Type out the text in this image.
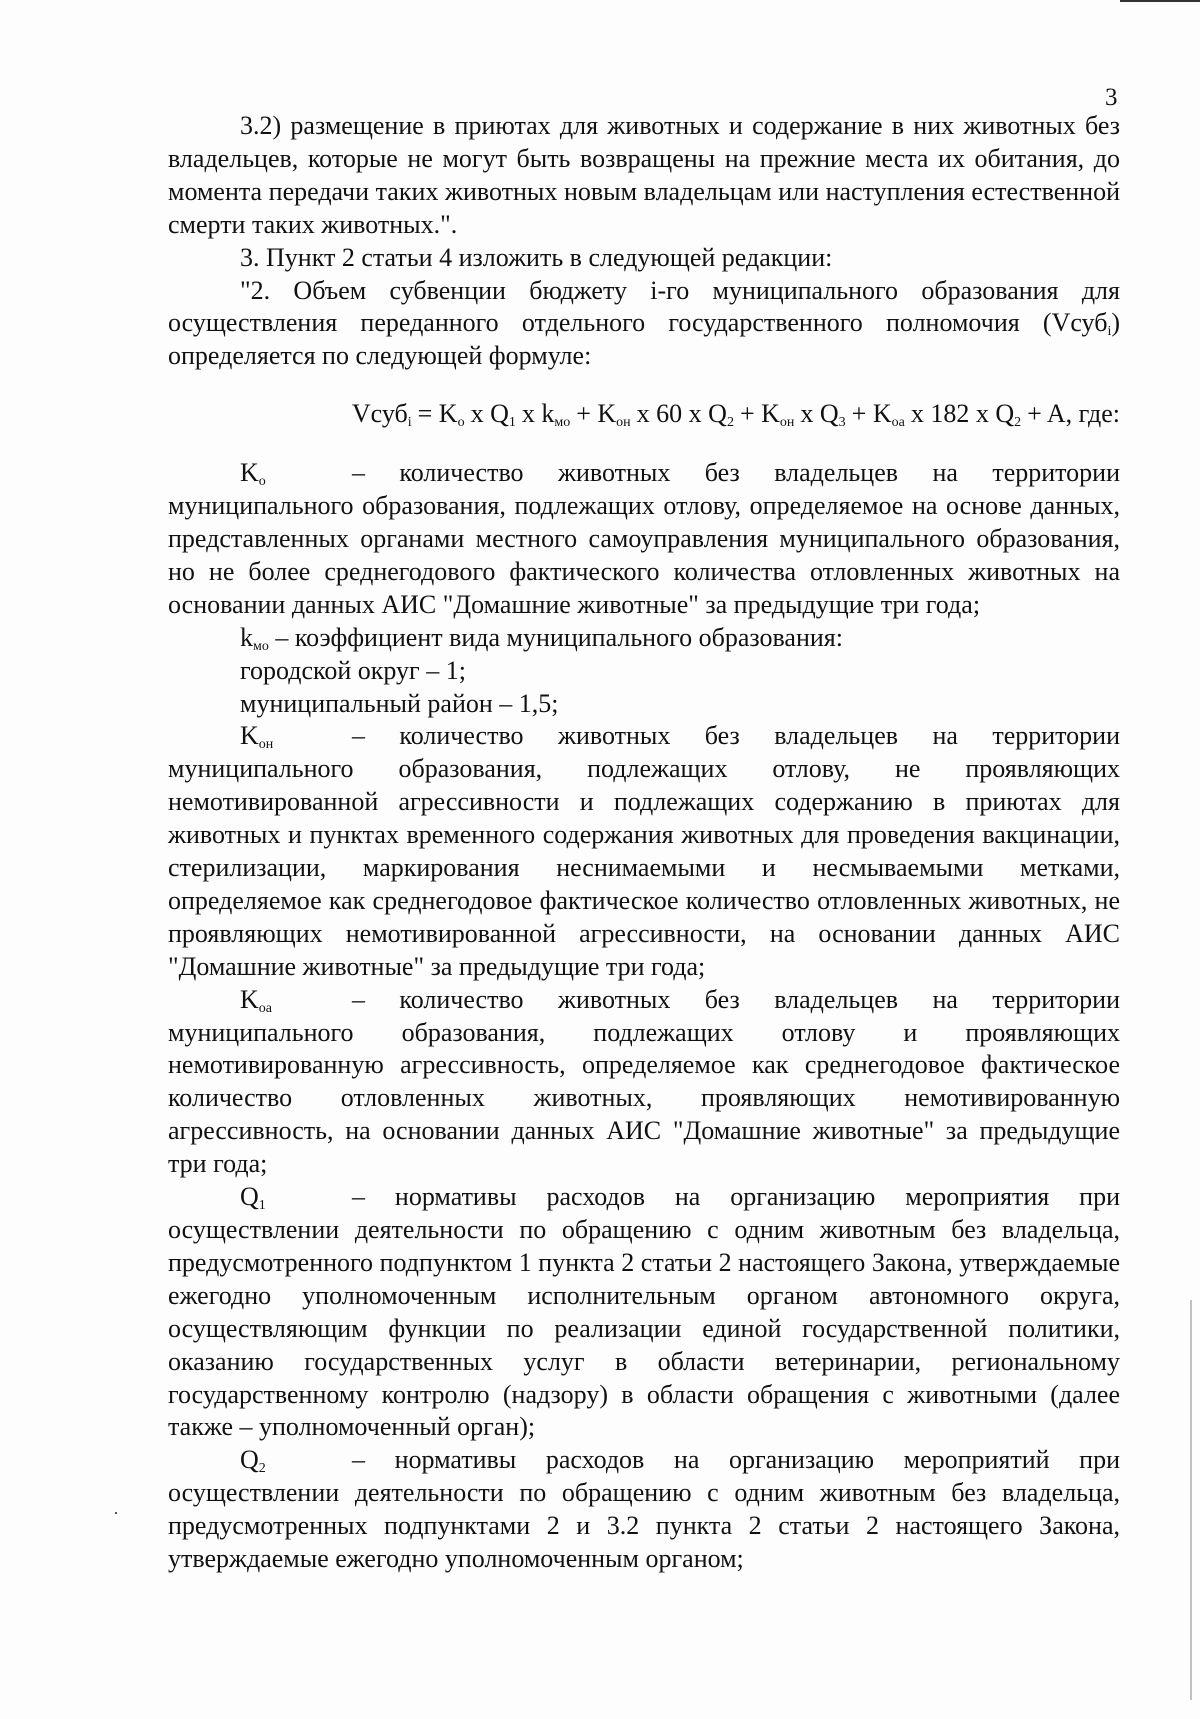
3

3.2) размещение в приютах для животных и содержание в них животных без владельцев, которые не могут быть возвращены на прежние места их обитания, до момента передачи таких животных новым владельцам или наступления естественной смерти таких животных.".

3. Пункт 2 статьи 4 изложить в следующей редакции:

"2. Объем субвенции бюджету i-го муниципального образования для осуществления переданного отдельного государственного полномочия (Vсуб$_i$) определяется по следующей формуле:

Vсуб$_i$ = $K_o$ x $Q_1$ x $k_{мо} + K_{он}$ x 60 x $Q_2 + K_{он}$ x $Q_3 + K_{оа}$ x 182 x $Q_2 + A$, где:

$K_о$	– количество животных без владельцев на территории муниципального образования, подлежащих отлову, определяемое на основе данных, представленных органами местного самоуправления муниципального образования, но не более среднегодового фактического количества отловленных животных на основании данных АИС "Домашние животные" за предыдущие три года;

$k_{мо}$ – коэффициент вида муниципального образования:

городской округ – 1;

муниципальный район – 1,5;

$K_{он}$	– количество животных без владельцев на территории муниципального образования, подлежащих отлову, не проявляющих немотивированной агрессивности и подлежащих содержанию в приютах для животных и пунктах временного содержания животных для проведения вакцинации, стерилизации, маркирования неснимаемыми и несмываемыми метками, определяемое как среднегодовое фактическое количество отловленных животных, не проявляющих немотивированной агрессивности, на основании данных АИС "Домашние животные" за предыдущие три года;

$K_{оа}$	– количество животных без владельцев на территории муниципального образования, подлежащих отлову и проявляющих немотивированную агрессивность, определяемое как среднегодовое фактическое количество отловленных животных, проявляющих немотивированную агрессивность, на основании данных АИС "Домашние животные" за предыдущие три года;

$Q_1$	– нормативы расходов на организацию мероприятия при осуществлении деятельности по обращению с одним животным без владельца, предусмотренного подпунктом 1 пункта 2 статьи 2 настоящего Закона, утверждаемые ежегодно уполномоченным исполнительным органом автономного округа, осуществляющим функции по реализации единой государственной политики, оказанию государственных услуг в области ветеринарии, региональному государственному контролю (надзору) в области обращения с животными (далее также – уполномоченный орган);

$Q_2$	– нормативы расходов на организацию мероприятий при осуществлении деятельности по обращению с одним животным без владельца, предусмотренных подпунктами 2 и 3.2 пункта 2 статьи 2 настоящего Закона, утверждаемые ежегодно уполномоченным органом;
